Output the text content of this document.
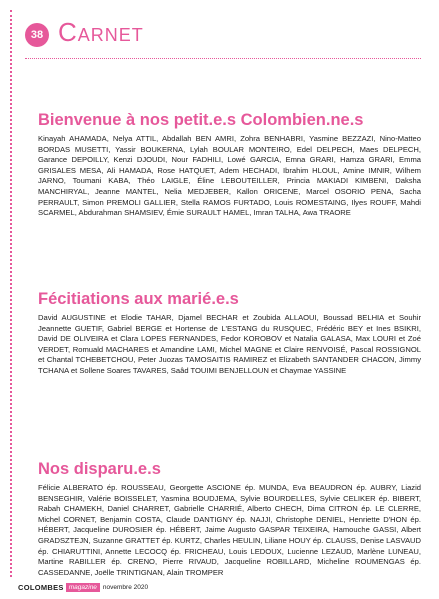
38 Carnet
Bienvenue à nos petit.e.s Colombien.ne.s

Kinayah AHAMADA, Nelya ATTIL, Abdallah BEN AMRI, Zohra BENHABRI, Yasmine BEZZAZI, Nino-Matteo BORDAS MUSETTI, Yassir BOUKERNA, Lylah BOULAR MONTEIRO, Edel DELPECH, Maes DELPECH, Garance DEPOILLY, Kenzi DJOUDI, Nour FADHILI, Lowé GARCIA, Emna GRARI, Hamza GRARI, Emma GRISALES MESA, Ali HAMADA, Rose HATQUET, Adem HECHADI, Ibrahim HLOUL, Amine IMNIR, Wilhem JARNO, Toumani KABA, Théo LAIGLE, Éline LEBOUTEILLER, Princia MAKIADI KIMBENI, Daksha MANCHIRYAL, Jeanne MANTEL, Nelia MEDJEBER, Kallon ORICENE, Marcel OSORIO PENA, Sacha PERRAULT, Simon PREMOLI GALLIER, Stella RAMOS FURTADO, Louis ROMESTAING, Ilyes ROUFF, Mahdi SCARMEL, Abdurahman SHAMSIEV, Émie SURAULT HAMEL, Imran TALHA, Awa TRAORE

Fécitiations aux marié.e.s

David AUGUSTINE et Elodie TAHAR, Djamel BECHAR et Zoubida ALLAOUI, Boussad BELHIA et Souhir Jeannette GUETIF, Gabriel BERGE et Hortense de L'ESTANG du RUSQUEC, Frédéric BEY et Ines BSIKRI, David DE OLIVEIRA et Clara LOPES FERNANDES, Fedor KOROBOV et Natalia GALASA, Max LOURI et Zoé VERDET, Romuald MACHARES et Amandine LAMI, Michel MAGNE et Claire RENVOISÉ, Pascal ROSSIGNOL et Chantal TCHEBETCHOU, Peter Juozas TAMOSAITIS RAMIREZ et Elizabeth SANTANDER CHACON, Jimmy TCHANA et Sollene Soares TAVARES, Saâd TOUIMI BENJELLOUN et Chaymae YASSINE

Nos disparu.e.s

Félicie ALBERATO ép. ROUSSEAU, Georgette ASCIONE ép. MUNDA, Eva BEAUDRON ép. AUBRY, Liazid BENSEGHIR, Valérie BOISSELET, Yasmina BOUDJEMA, Sylvie BOURDELLES, Sylvie CELIKER ép. BIBERT, Rabah CHAMEKH, Daniel CHARRET, Gabrielle CHARRIÉ, Alberto CHECH, Dima CITRON ép. LE CLERRE, Michel CORNET, Benjamin COSTA, Claude DANTIGNY ép. NAJJI, Christophe DENIEL, Henriette D'HON ép. HÉBERT, Jacqueline DUROSIER ép. HÉBERT, Jaime Augusto GASPAR TEIXEIRA, Hamouche GASSI, Albert GRADSZTEJN, Suzanne GRATTET ép. KURTZ, Charles HEULIN, Liliane HOUY ép. CLAUSS, Denise LASVAUD ép. CHIARUTTINI, Annette LECOCQ ép. FRICHEAU, Louis LEDOUX, Lucienne LEZAUD, Marlène LUNEAU, Martine RABILLER ép. CRENO, Pierre RIVAUD, Jacqueline ROBILLARD, Micheline ROUMENGAS ép. CASSEDANNE, Joëlle TRINTIGNAN, Alain TROMPER

COLOMBES magazine novembre 2020
